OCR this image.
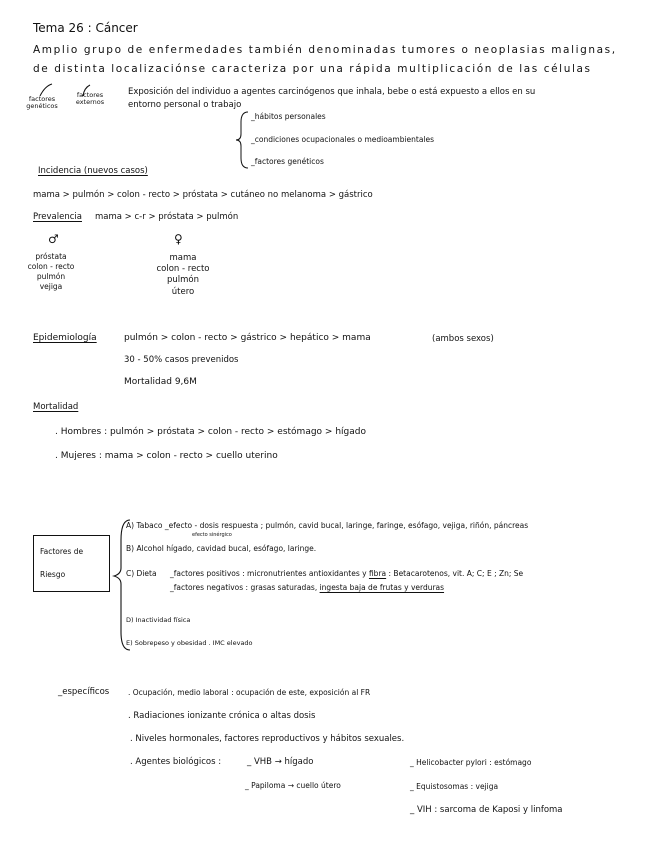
Tema 26 : Cáncer
Amplio grupo de enfermedades también denominadas tumores o neoplasias malignas,
de distinta localizaciónse caracteriza por una rápida multiplicación de las células
factores genéticos
factores externos
Exposición del individuo a agentes carcinógenos que inhala, bebe o está expuesto a ellos en su
entorno personal o trabajo
_hábitos personales
_condiciones ocupacionales o medioambientales
_factores genéticos
Incidencia (nuevos casos)
mama > pulmón > colon - recto > próstata > cutáneo no melanoma > gástrico
Prevalencia mama > c-r > próstata > pulmón
♂
próstata
colon - recto
pulmón
vejiga
♀
mama
colon - recto
pulmón
útero
Epidemiología	pulmón > colon - recto > gástrico > hepático > mama	(ambos sexos)
30 - 50% casos prevenidos
Mortalidad 9,6M
Mortalidad
. Hombres : pulmón > próstata > colon - recto > estómago > hígado
. Mujeres : mama > colon - recto > cuello uterino
Factores de
Riesgo
A) Tabaco _efecto - dosis respuesta ; pulmón, cavid bucal, laringe, faringe, esófago, vejiga, riñón, páncreas
efecto sinérgico
B) Alcohol hígado, cavidad bucal, esófago, laringe.
C) Dieta _factores positivos : micronutrientes antioxidantes y fibra : Betacarotenos, vit. A; C; E ; Zn; Se
_factores negativos : grasas saturadas, ingesta baja de frutas y verduras
D) Inactividad física
E) Sobrepeso y obesidad . IMC elevado
_específicos	. Ocupación, medio laboral : ocupación de este, exposición al FR
. Radiaciones ionizante crónica o altas dosis
. Niveles hormonales, factores reproductivos y hábitos sexuales.
. Agentes biológicos :	_ VHB → hígado
_ Papiloma → cuello útero
_ Helicobacter pylori : estómago
_ Equistosomas : vejiga
_ VIH : sarcoma de Kaposi y linfoma
